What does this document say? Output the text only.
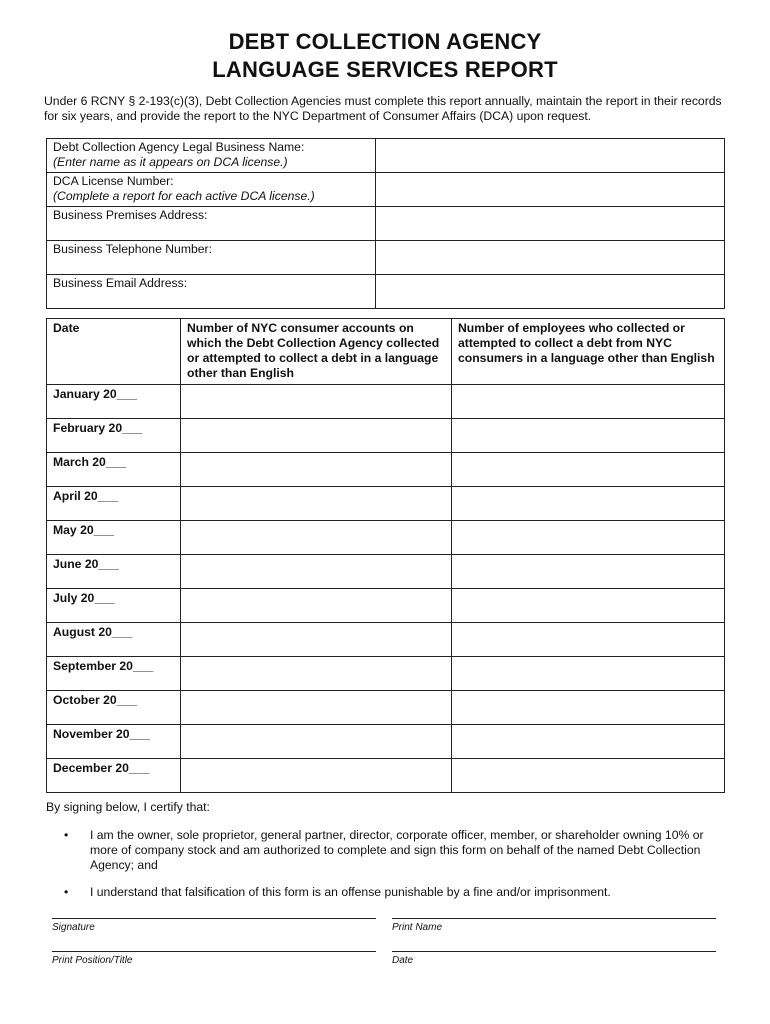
DEBT COLLECTION AGENCY
LANGUAGE SERVICES REPORT
Under 6 RCNY § 2-193(c)(3), Debt Collection Agencies must complete this report annually, maintain the report in their records for six years, and provide the report to the NYC Department of Consumer Affairs (DCA) upon request.
Debt Collection Agency Legal Business Name:
(Enter name as it appears on DCA license.)	

DCA License Number:
(Complete a report for each active DCA license.)	

Business Premises Address:	
Business Telephone Number:	
Business Email Address:	
Date	Number of NYC consumer accounts on which the Debt Collection Agency collected or attempted to collect a debt in a language other than English	Number of employees who collected or attempted to collect a debt from NYC consumers in a language other than English
January 20___		
February 20___		
March 20___		
April 20___		
May 20___		
June 20___		
July 20___		
August 20___		
September 20___		
October 20___		
November 20___		
December 20___		
By signing below, I certify that:
• I am the owner, sole proprietor, general partner, director, corporate officer, member, or shareholder owning 10% or more of company stock and am authorized to complete and sign this form on behalf of the named Debt Collection Agency; and
• I understand that falsification of this form is an offense punishable by a fine and/or imprisonment.
Signature	Print Name
Print Position/Title	Date
